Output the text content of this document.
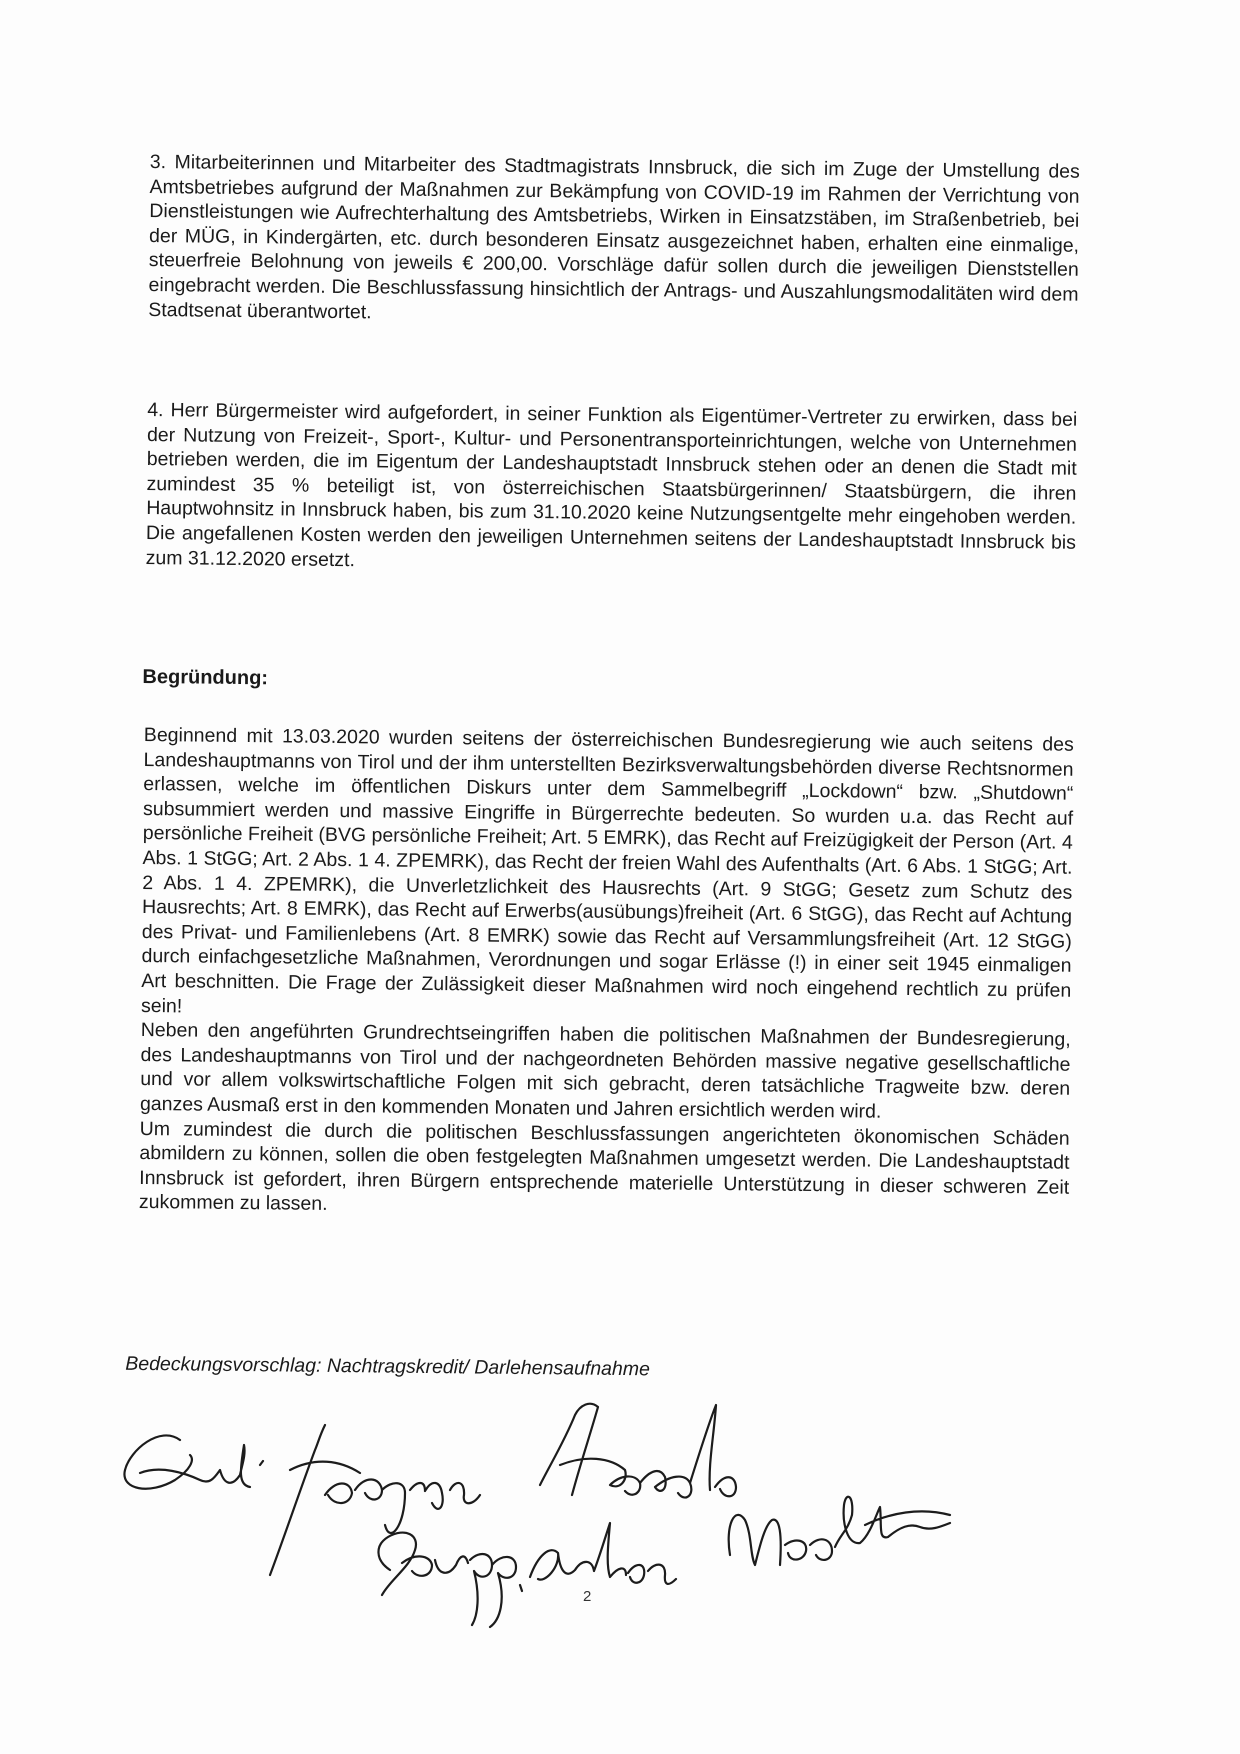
3. Mitarbeiterinnen und Mitarbeiter des Stadtmagistrats Innsbruck, die sich im Zuge der Umstellung des Amtsbetriebes aufgrund der Maßnahmen zur Bekämpfung von COVID-19 im Rahmen der Verrichtung von Dienstleistungen wie Aufrechterhaltung des Amtsbetriebs, Wirken in Einsatzstäben, im Straßenbetrieb, bei der MÜG, in Kindergärten, etc. durch besonderen Einsatz ausgezeichnet haben, erhalten eine einmalige, steuerfreie Belohnung von jeweils € 200,00. Vorschläge dafür sollen durch die jeweiligen Dienststellen eingebracht werden. Die Beschlussfassung hinsichtlich der Antrags- und Auszahlungsmodalitäten wird dem Stadtsenat überantwortet.

4. Herr Bürgermeister wird aufgefordert, in seiner Funktion als Eigentümer-Vertreter zu erwirken, dass bei der Nutzung von Freizeit-, Sport-, Kultur- und Personentransporteinrichtungen, welche von Unternehmen betrieben werden, die im Eigentum der Landeshauptstadt Innsbruck stehen oder an denen die Stadt mit zumindest 35 % beteiligt ist, von österreichischen Staatsbürgerinnen/ Staatsbürgern, die ihren Hauptwohnsitz in Innsbruck haben, bis zum 31.10.2020 keine Nutzungsentgelte mehr eingehoben werden. Die angefallenen Kosten werden den jeweiligen Unternehmen seitens der Landeshauptstadt Innsbruck bis zum 31.12.2020 ersetzt.

Begründung:

Beginnend mit 13.03.2020 wurden seitens der österreichischen Bundesregierung wie auch seitens des Landeshauptmanns von Tirol und der ihm unterstellten Bezirksverwaltungsbehörden diverse Rechtsnormen erlassen, welche im öffentlichen Diskurs unter dem Sammelbegriff „Lockdown“ bzw. „Shutdown“ subsummiert werden und massive Eingriffe in Bürgerrechte bedeuten. So wurden u.a. das Recht auf persönliche Freiheit (BVG persönliche Freiheit; Art. 5 EMRK), das Recht auf Freizügigkeit der Person (Art. 4 Abs. 1 StGG; Art. 2 Abs. 1 4. ZPEMRK), das Recht der freien Wahl des Aufenthalts (Art. 6 Abs. 1 StGG; Art. 2 Abs. 1 4. ZPEMRK), die Unverletzlichkeit des Hausrechts (Art. 9 StGG; Gesetz zum Schutz des Hausrechts; Art. 8 EMRK), das Recht auf Erwerbs(ausübungs)freiheit (Art. 6 StGG), das Recht auf Achtung des Privat- und Familienlebens (Art. 8 EMRK) sowie das Recht auf Versammlungsfreiheit (Art. 12 StGG) durch einfachgesetzliche Maßnahmen, Verordnungen und sogar Erlässe (!) in einer seit 1945 einmaligen Art beschnitten. Die Frage der Zulässigkeit dieser Maßnahmen wird noch eingehend rechtlich zu prüfen sein!

Neben den angeführten Grundrechtseingriffen haben die politischen Maßnahmen der Bundesregierung, des Landeshauptmanns von Tirol und der nachgeordneten Behörden massive negative gesellschaftliche und vor allem volkswirtschaftliche Folgen mit sich gebracht, deren tatsächliche Tragweite bzw. deren ganzes Ausmaß erst in den kommenden Monaten und Jahren ersichtlich werden wird.

Um zumindest die durch die politischen Beschlussfassungen angerichteten ökonomischen Schäden abmildern zu können, sollen die oben festgelegten Maßnahmen umgesetzt werden. Die Landeshauptstadt Innsbruck ist gefordert, ihren Bürgern entsprechende materielle Unterstützung in dieser schweren Zeit zukommen zu lassen.

Bedeckungsvorschlag: Nachtragskredit/ Darlehensaufnahme

2
